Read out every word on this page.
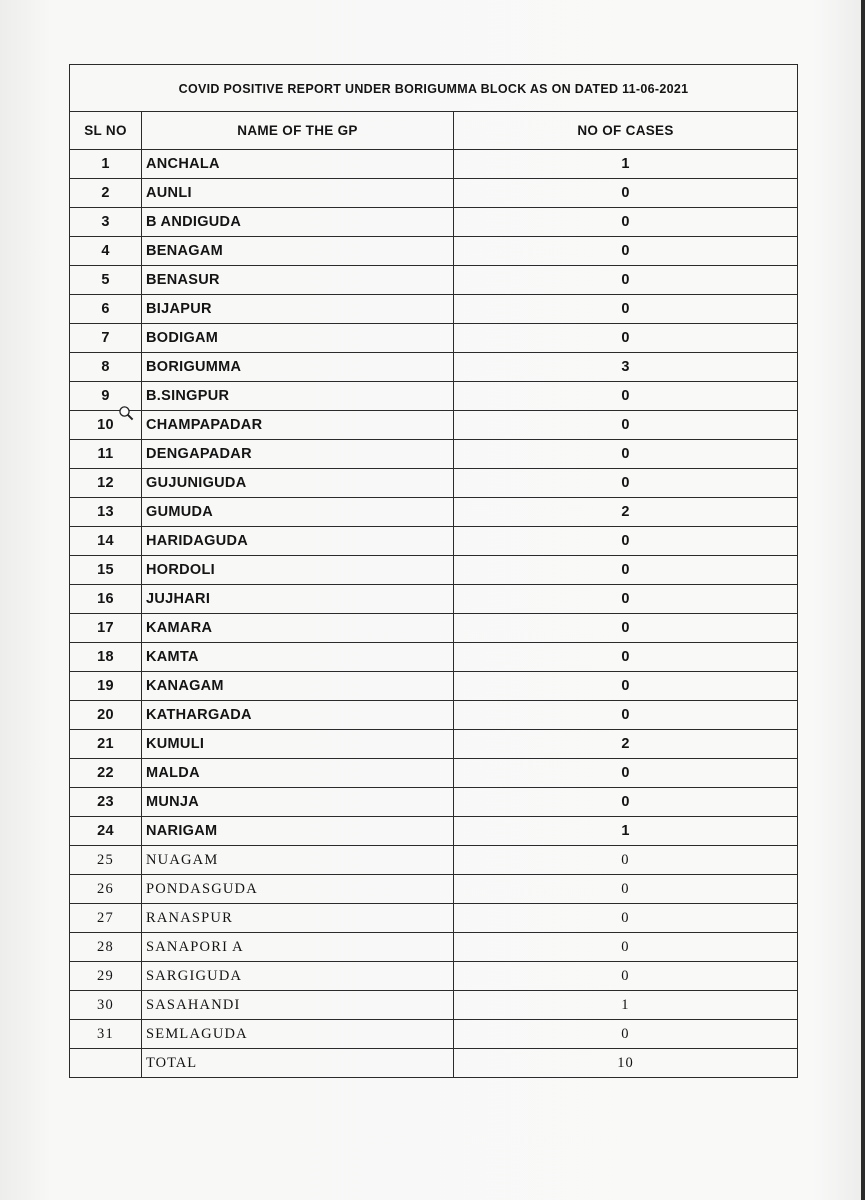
COVID POSITIVE REPORT UNDER BORIGUMMA BLOCK AS ON DATED 11-06-2021		
SL NO	NAME OF THE GP	NO OF CASES
1	ANCHALA	1
2	AUNLI	0
3	B ANDIGUDA	0
4	BENAGAM	0
5	BENASUR	0
6	BIJAPUR	0
7	BODIGAM	0
8	BORIGUMMA	3
9	B.SINGPUR	0
10	CHAMPAPADAR	0
11	DENGAPADAR	0
12	GUJUNIGUDA	0
13	GUMUDA	2
14	HARIDAGUDA	0
15	HORDOLI	0
16	JUJHARI	0
17	KAMARA	0
18	KAMTA	0
19	KANAGAM	0
20	KATHARGADA	0
21	KUMULI	2
22	MALDA	0
23	MUNJA	0
24	NARIGAM	1
25	NUAGAM	0
26	PONDASGUDA	0
27	RANASPUR	0
28	SANAPORI A	0
29	SARGIGUDA	0
30	SASAHANDI	1
31	SEMLAGUDA	0
	TOTAL	10
